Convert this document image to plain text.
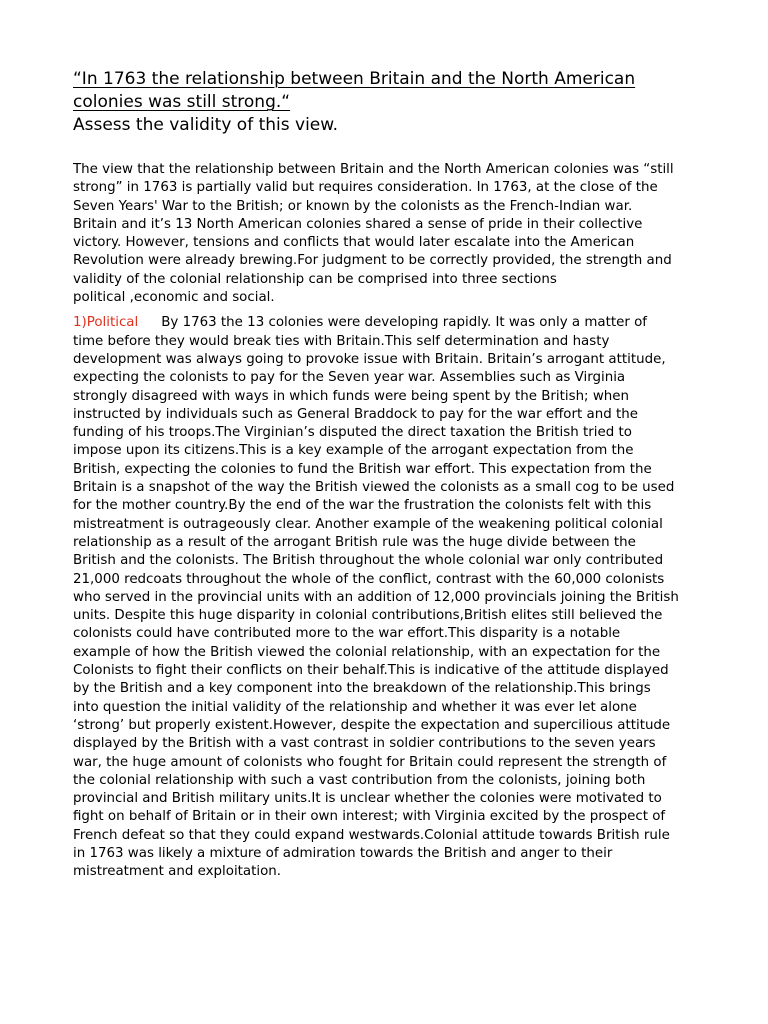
“In 1763 the relationship between Britain and the North American

colonies was still strong.“

Assess the validity of this view.

The view that the relationship between Britain and the North American colonies was “still
strong” in 1763 is partially valid but requires consideration. In 1763, at the close of the
Seven Years' War to the British; or known by the colonists as the French-Indian war.
Britain and it’s 13 North American colonies shared a sense of pride in their collective
victory. However, tensions and conflicts that would later escalate into the American
Revolution were already brewing.For judgment to be correctly provided, the strength and
validity of the colonial relationship can be comprised into three sections
political ,economic and social.
1)Political By 1763 the 13 colonies were developing rapidly. It was only a matter of
time before they would break ties with Britain.This self determination and hasty
development was always going to provoke issue with Britain. Britain’s arrogant attitude,
expecting the colonists to pay for the Seven year war. Assemblies such as Virginia
strongly disagreed with ways in which funds were being spent by the British; when
instructed by individuals such as General Braddock to pay for the war effort and the
funding of his troops.The Virginian’s disputed the direct taxation the British tried to
impose upon its citizens.This is a key example of the arrogant expectation from the
British, expecting the colonies to fund the British war effort. This expectation from the
Britain is a snapshot of the way the British viewed the colonists as a small cog to be used
for the mother country.By the end of the war the frustration the colonists felt with this
mistreatment is outrageously clear. Another example of the weakening political colonial
relationship as a result of the arrogant British rule was the huge divide between the
British and the colonists. The British throughout the whole colonial war only contributed
21,000 redcoats throughout the whole of the conflict, contrast with the 60,000 colonists
who served in the provincial units with an addition of 12,000 provincials joining the British
units. Despite this huge disparity in colonial contributions,British elites still believed the
colonists could have contributed more to the war effort.This disparity is a notable
example of how the British viewed the colonial relationship, with an expectation for the
Colonists to fight their conflicts on their behalf.This is indicative of the attitude displayed
by the British and a key component into the breakdown of the relationship.This brings
into question the initial validity of the relationship and whether it was ever let alone
‘strong’ but properly existent.However, despite the expectation and supercilious attitude
displayed by the British with a vast contrast in soldier contributions to the seven years
war, the huge amount of colonists who fought for Britain could represent the strength of
the colonial relationship with such a vast contribution from the colonists, joining both
provincial and British military units.It is unclear whether the colonies were motivated to
fight on behalf of Britain or in their own interest; with Virginia excited by the prospect of
French defeat so that they could expand westwards.Colonial attitude towards British rule
in 1763 was likely a mixture of admiration towards the British and anger to their
mistreatment and exploitation.
